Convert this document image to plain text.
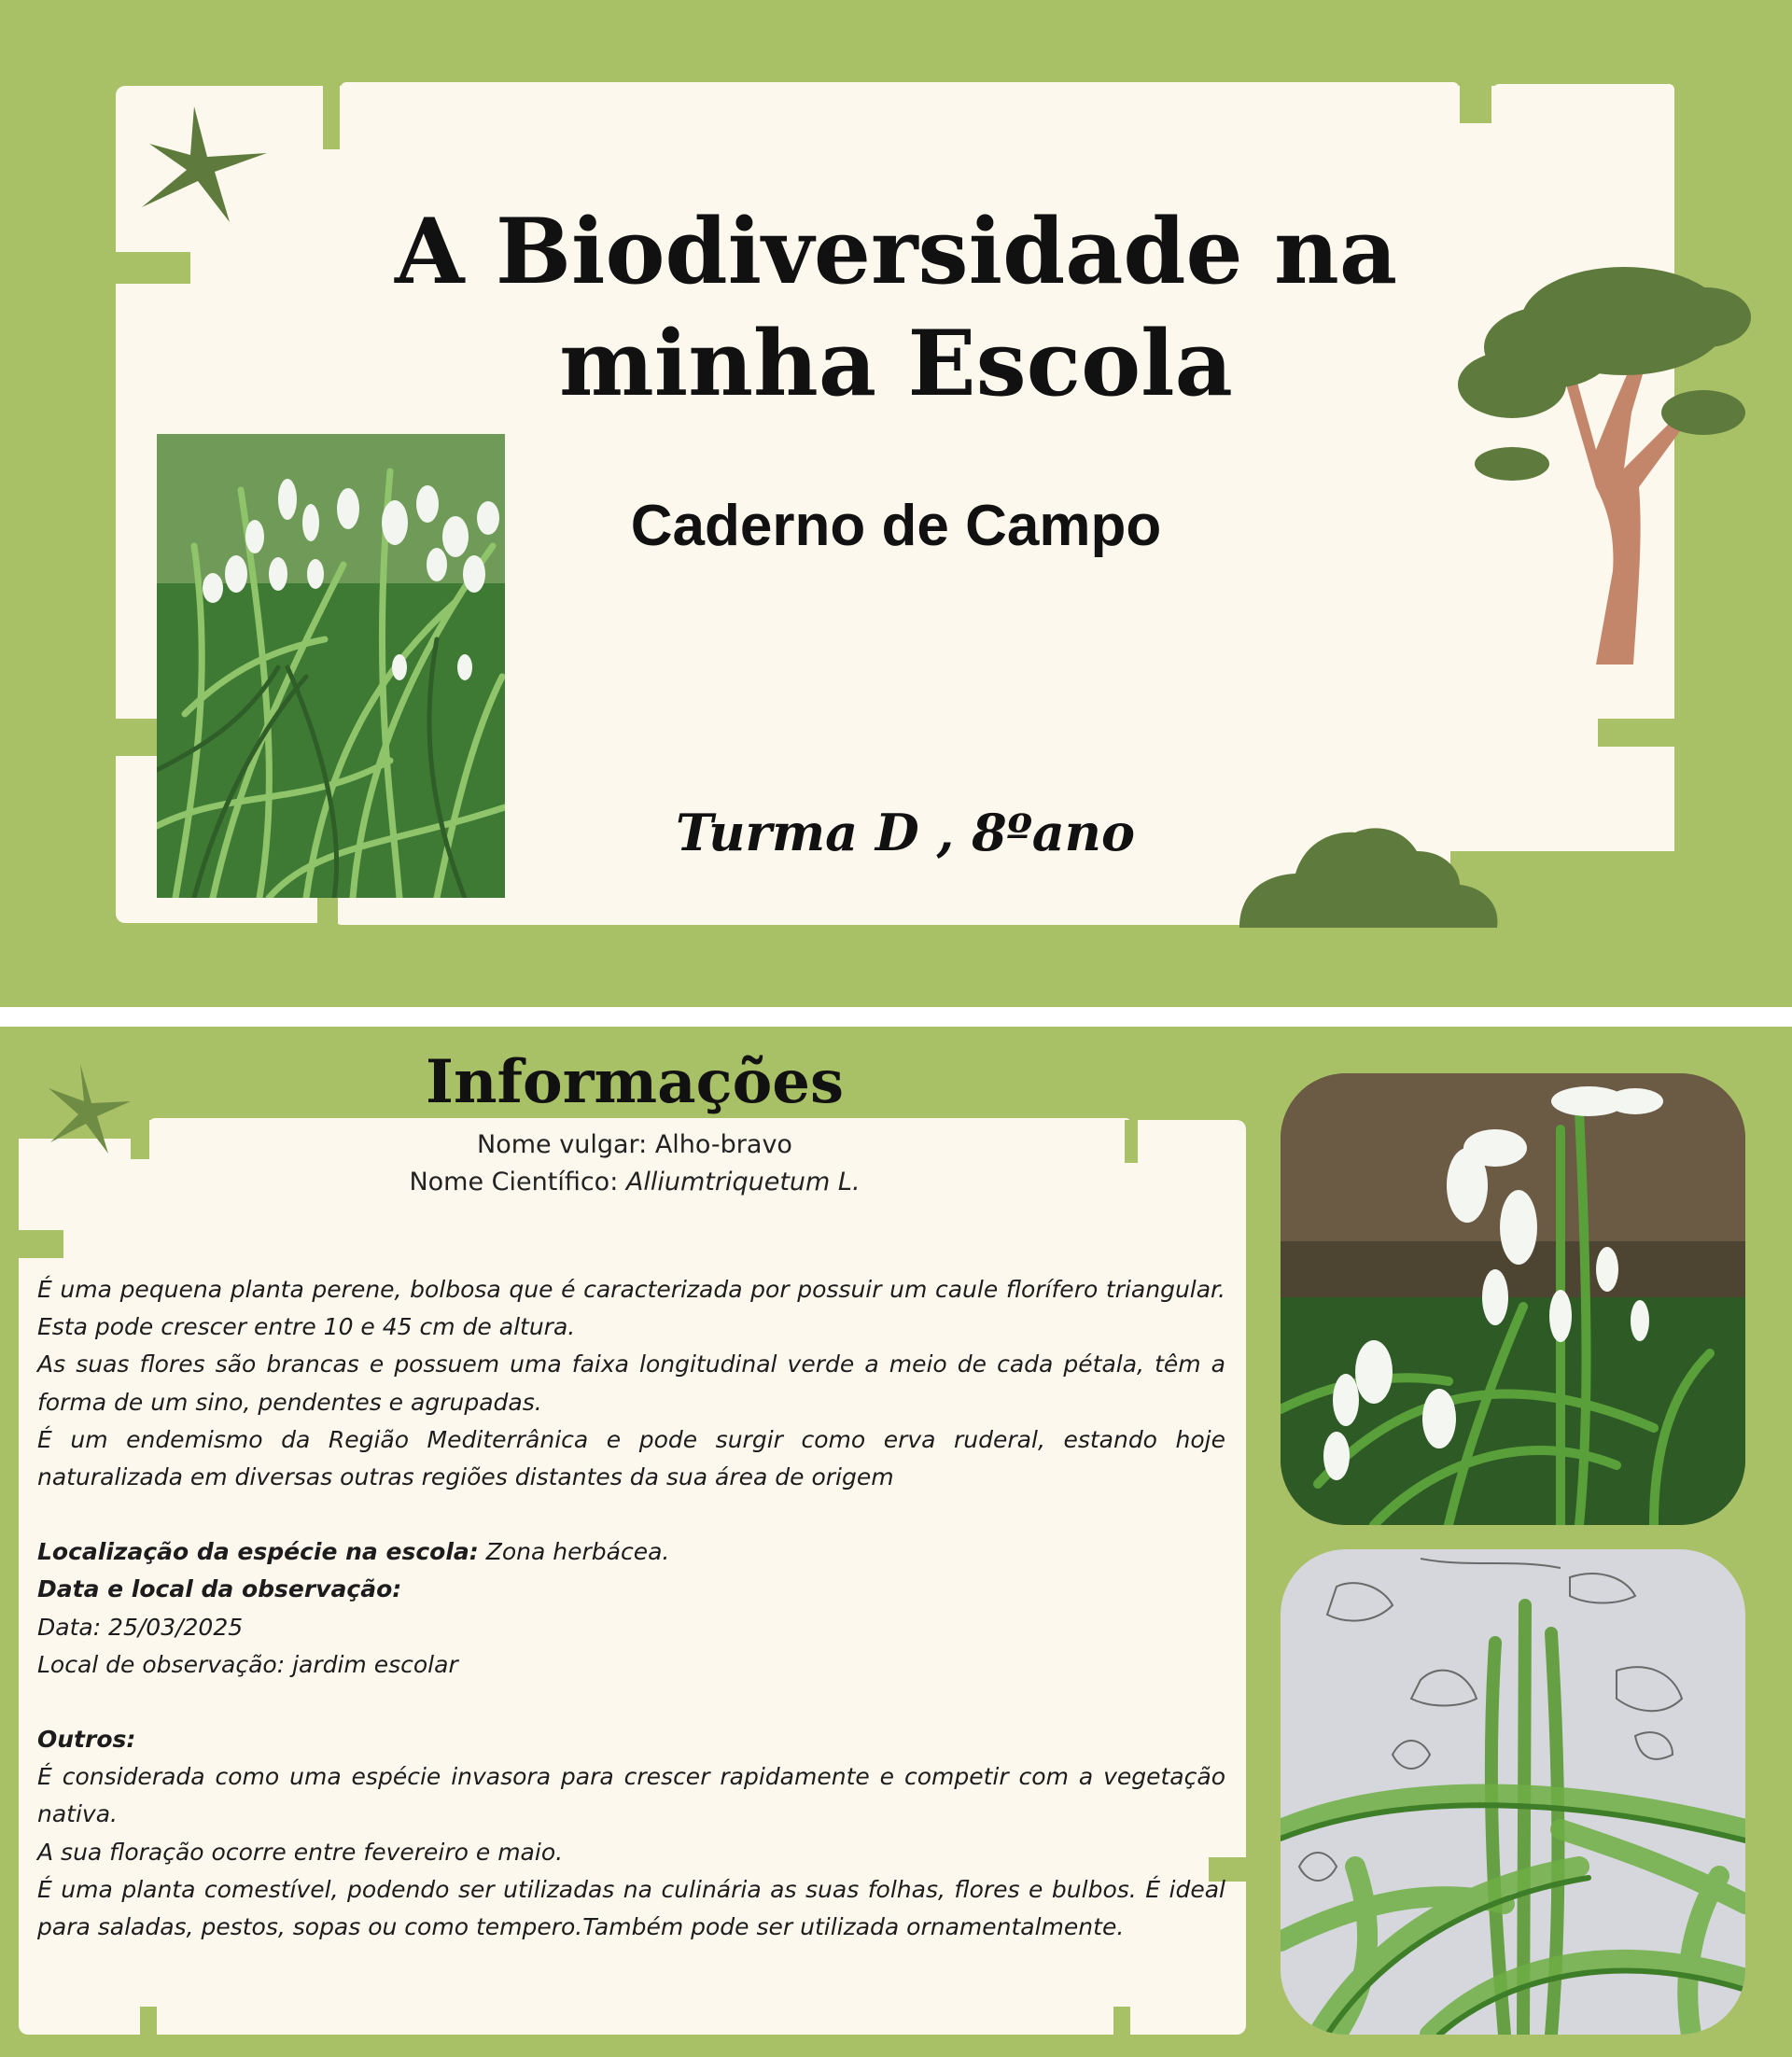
A Biodiversidade na
minha Escola

Caderno de Campo

Turma D , 8ºano

Informações
Nome vulgar: Alho-bravo
Nome Científico: Alliumtriquetum L.

É uma pequena planta perene, bolbosa que é caracterizada por possuir um caule florífero triangular. Esta pode crescer entre 10 e 45 cm de altura.

As suas flores são brancas e possuem uma faixa longitudinal verde a meio de cada pétala, têm a forma de um sino, pendentes e agrupadas.

É um endemismo da Região Mediterrânica e pode surgir como erva ruderal, estando hoje naturalizada em diversas outras regiões distantes da sua área de origem

Localização da espécie na escola: Zona herbácea.

Data e local da observação:

Data: 25/03/2025

Local de observação: jardim escolar

Outros:

É considerada como uma espécie invasora para crescer rapidamente e competir com a vegetação nativa.

A sua floração ocorre entre fevereiro e maio.

É uma planta comestível, podendo ser utilizadas na culinária as suas folhas, flores e bulbos. É ideal para saladas, pestos, sopas ou como tempero.Também pode ser utilizada ornamentalmente.
